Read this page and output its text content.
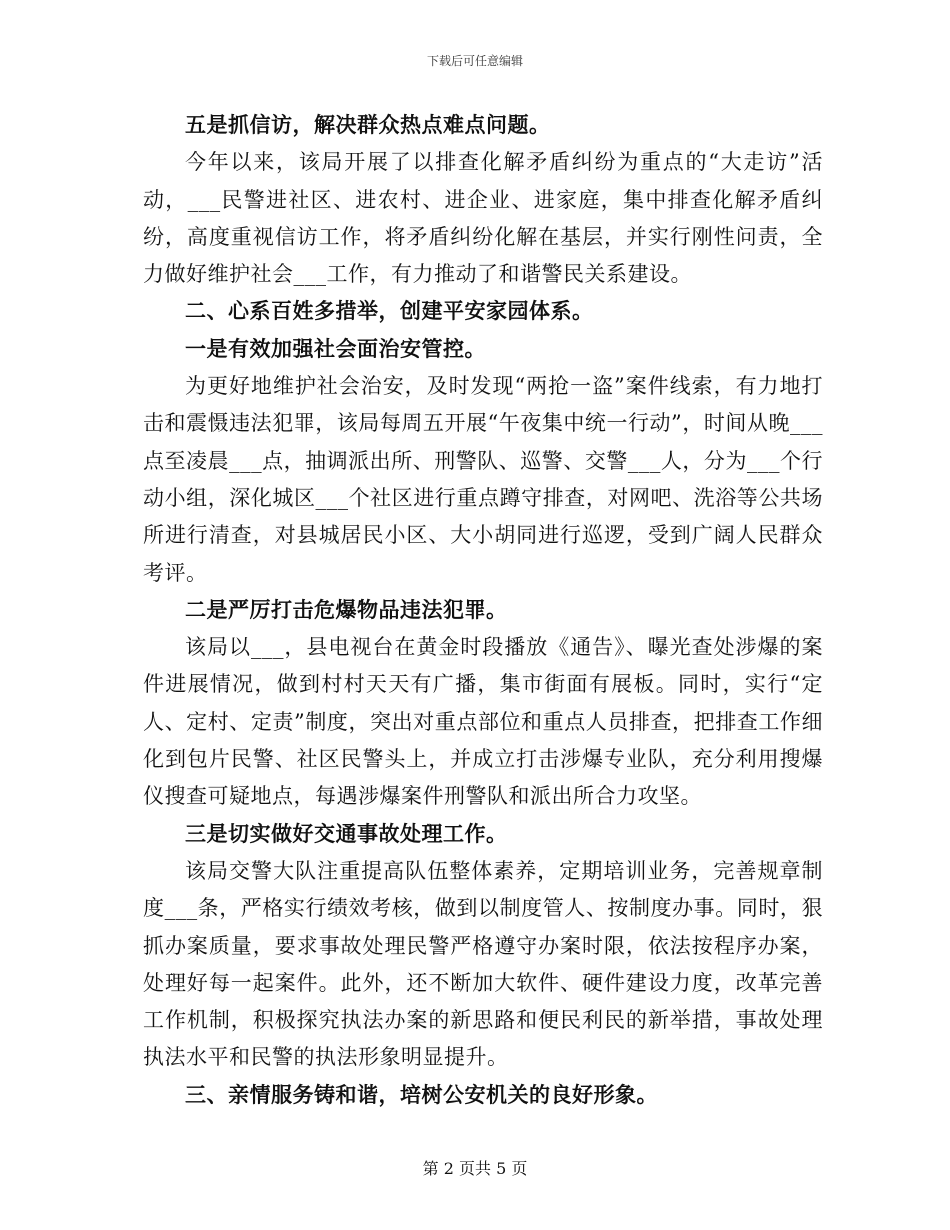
下载后可任意编辑

五是抓信访，解决群众热点难点问题。

今年以来，该局开展了以排查化解矛盾纠纷为重点的“大走访”活动，___民警进社区、进农村、进企业、进家庭，集中排查化解矛盾纠纷，高度重视信访工作，将矛盾纠纷化解在基层，并实行刚性问责，全力做好维护社会___工作，有力推动了和谐警民关系建设。

二、心系百姓多措举，创建平安家园体系。

一是有效加强社会面治安管控。

为更好地维护社会治安，及时发现“两抢一盗”案件线索，有力地打击和震慑违法犯罪，该局每周五开展“午夜集中统一行动”，时间从晚___点至凌晨___点，抽调派出所、刑警队、巡警、交警___人，分为___个行动小组，深化城区___个社区进行重点蹲守排查，对网吧、洗浴等公共场所进行清查，对县城居民小区、大小胡同进行巡逻，受到广阔人民群众考评。

二是严厉打击危爆物品违法犯罪。

该局以___，县电视台在黄金时段播放《通告》、曝光查处涉爆的案件进展情况，做到村村天天有广播，集市街面有展板。同时，实行“定人、定村、定责”制度，突出对重点部位和重点人员排查，把排查工作细化到包片民警、社区民警头上，并成立打击涉爆专业队，充分利用搜爆仪搜查可疑地点，每遇涉爆案件刑警队和派出所合力攻坚。

三是切实做好交通事故处理工作。

该局交警大队注重提高队伍整体素养，定期培训业务，完善规章制度___条，严格实行绩效考核，做到以制度管人、按制度办事。同时，狠抓办案质量，要求事故处理民警严格遵守办案时限，依法按程序办案，处理好每一起案件。此外，还不断加大软件、硬件建设力度，改革完善工作机制，积极探究执法办案的新思路和便民利民的新举措，事故处理执法水平和民警的执法形象明显提升。

三、亲情服务铸和谐，培树公安机关的良好形象。

第 2 页共 5 页
